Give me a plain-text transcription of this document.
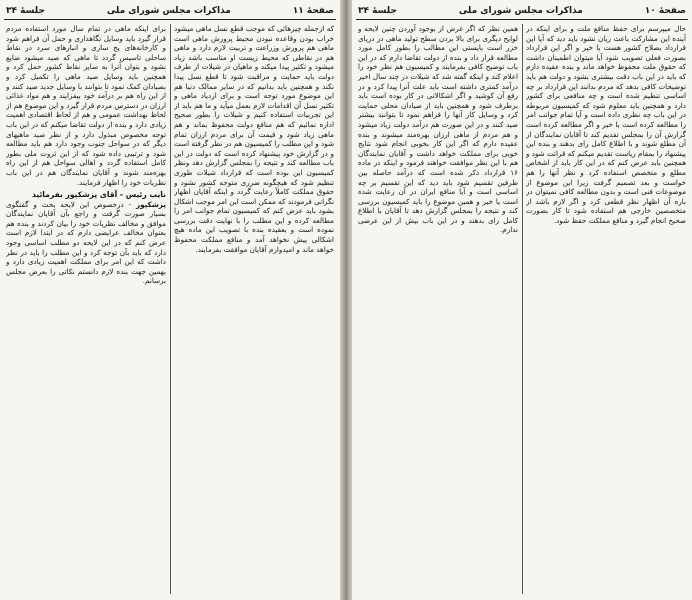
صفحهٔ ۱۱
مذاکرات مجلس شورای ملی
جلسهٔ ۳۴

که ازجمله چیزهائی که موجب قطع نسل ماهی میشود خراب بودن وقاعده نبودن محیط پرورش ماهی است ماهی هم پرورش وزراعت و تربیت لازم دارد و ماهی هم در نقاطی که محیط زیست او مناسب باشد زیاد میشود و تکثیر پیدا میکند و ماهیان در شیلات از طرف دولت باید حمایت و مراقبت شود تا قطع نسل پیدا نکند و همچنین باید بدانیم که در سایر ممالک دنیا هم این موضوع مورد توجه است و برای ازدیاد ماهی و تکثیر نسل آن اقدامات لازم بعمل میآید و ما هم باید از این تجربیات استفاده کنیم و شیلات را بطور صحیح اداره نمائیم که هم منافع دولت محفوظ بماند و هم ماهی زیاد شود و قیمت آن برای مردم ارزان تمام شود و این مطلب را کمیسیون هم در نظر گرفته است و در گزارش خود پیشنهاد کرده است که دولت در این باب مطالعه کند و نتیجه را بمجلس گزارش دهد ونظر کمیسیون این بوده است که قرارداد شیلات طوری تنظیم شود که هیچگونه ضرری متوجه کشور نشود و حقوق مملکت کاملاً رعایت گردد و اینکه آقایان اظهار نگرانی فرمودند که ممکن است این امر موجب اشکال بشود باید عرض کنم که کمیسیون تمام جوانب امر را مطالعه کرده و این مطلب را با نهایت دقت بررسی نموده است و بعقیده بنده با تصویب این ماده هیچ اشکالی پیش نخواهد آمد و منافع مملکت محفوظ خواهد ماند و امیدوارم آقایان موافقت بفرمایند.

برای اینکه ماهی در تمام سال مورد استفاده مردم قرار گیرد باید وسایل نگاهداری و حمل آن فراهم شود و کارخانه‌های یخ سازی و انبارهای سرد در نقاط ساحلی تاسیس گردد تا ماهی که صید میشود ضایع نشود و بتوان آنرا به سایر نقاط کشور حمل کرد و همچنین باید وسایل صید ماهی را تکمیل کرد و بصیادان کمک نمود تا بتوانند با وسایل جدید صید کنند و از این راه هم بر درآمد خود بیفزایند و هم مواد غذائی ارزان در دسترس مردم قرار گیرد و این موضوع هم از لحاظ بهداشت عمومی و هم از لحاظ اقتصادی اهمیت زیادی دارد و بنده از دولت تقاضا میکنم که در این باب توجه مخصوص مبذول دارد و از نظر صید ماهیهای دیگر که در سواحل جنوب وجود دارد هم باید مطالعه شود و ترتیبی داده شود که از این ثروت ملی بطور کامل استفاده گردد و اهالی سواحل هم از این راه بهره‌مند شوند و آقایان نمایندگان هم در این باب نظریات خود را اظهار فرمایند.

نایب رئیس - آقای پزشکپور بفرمائید

پزشکپور - درخصوص این لایحه بحث و گفتگوی بسیار صورت گرفت و راجع بآن آقایان نمایندگان موافق و مخالف نظریات خود را بیان کردند و بنده هم بعنوان مخالف عرایضی دارم که در ابتدا لازم است عرض کنم که در این لایحه دو مطلب اساسی وجود دارد که باید بآن توجه کرد و این مطلب را باید در نظر داشت که این امر برای مملکت اهمیت زیادی دارد و بهمین جهت بنده لازم دانستم نکاتی را بعرض مجلس برسانم.

صفحهٔ ۱۰
مذاکرات مجلس شورای ملی
جلسهٔ ۳۴

حال میپرسم برای حفظ منافع ملت و برای اینکه در آینده این مشارکت باعث زیان نشود باید دید که آیا این قرارداد بصلاح کشور هست یا خیر و اگر این قرارداد بصورت فعلی تصویب شود آیا میتوان اطمینان داشت که حقوق ملت محفوظ خواهد ماند و بنده عقیده دارم که باید در این باب دقت بیشتری بشود و دولت هم باید توضیحات کافی بدهد که مردم بدانند این قرارداد بر چه اساسی تنظیم شده است و چه منافعی برای کشور دارد و همچنین باید معلوم شود که کمیسیون مربوطه در این باب چه نظری داده است و آیا تمام جوانب امر را مطالعه کرده است یا خیر و اگر مطالعه کرده است گزارش آن را بمجلس تقدیم کند تا آقایان نمایندگان از آن مطلع شوند و با اطلاع کامل رای بدهند و بنده این پیشنهاد را بمقام ریاست تقدیم میکنم که قرائت شود و همچنین باید عرض کنم که در این کار باید از اشخاص مطلع و متخصص استفاده کرد و نظر آنها را هم خواست و بعد تصمیم گرفت زیرا این موضوع از موضوعات فنی است و بدون مطالعه کافی نمیتوان در باره آن اظهار نظر قطعی کرد و اگر لازم باشد از متخصصین خارجی هم استفاده شود تا کار بصورت صحیح انجام گیرد و منافع مملکت حفظ شود.

همین نظر که اگر غرض از بوجود آوردن چنین لایحه و لوایح دیگری برای بالا بردن سطح تولید ماهی در دریای خزر است بایستی این مطالب را بطور کامل مورد مطالعه قرار داد و بنده از دولت تقاضا دارم که در این باب توضیح کافی بفرمایند و کمیسیون هم نظر خود را اعلام کند و اینکه گفته شد که شیلات در چند سال اخیر درآمد کمتری داشته است باید علت آنرا پیدا کرد و در رفع آن کوشید و اگر اشکالاتی در کار بوده است باید برطرف شود و همچنین باید از صیادان محلی حمایت کرد و وسایل کار آنها را فراهم نمود تا بتوانند بیشتر صید کنند و در این صورت هم درآمد دولت زیاد میشود و هم مردم از ماهی ارزان بهره‌مند میشوند و بنده عقیده دارم که اگر این کار بخوبی انجام شود نتایج خوبی برای مملکت خواهد داشت و آقایان نمایندگان هم با این نظر موافقت خواهند فرمود و اینکه در ماده ۱۶ قرارداد ذکر شده است که درآمد حاصله بین طرفین تقسیم شود باید دید که این تقسیم بر چه اساسی است و آیا منافع ایران در آن رعایت شده است یا خیر و همین موضوع را باید کمیسیون بررسی کند و نتیجه را بمجلس گزارش دهد تا آقایان با اطلاع کامل رای بدهند و در این باب بیش از این عرضی ندارم.
